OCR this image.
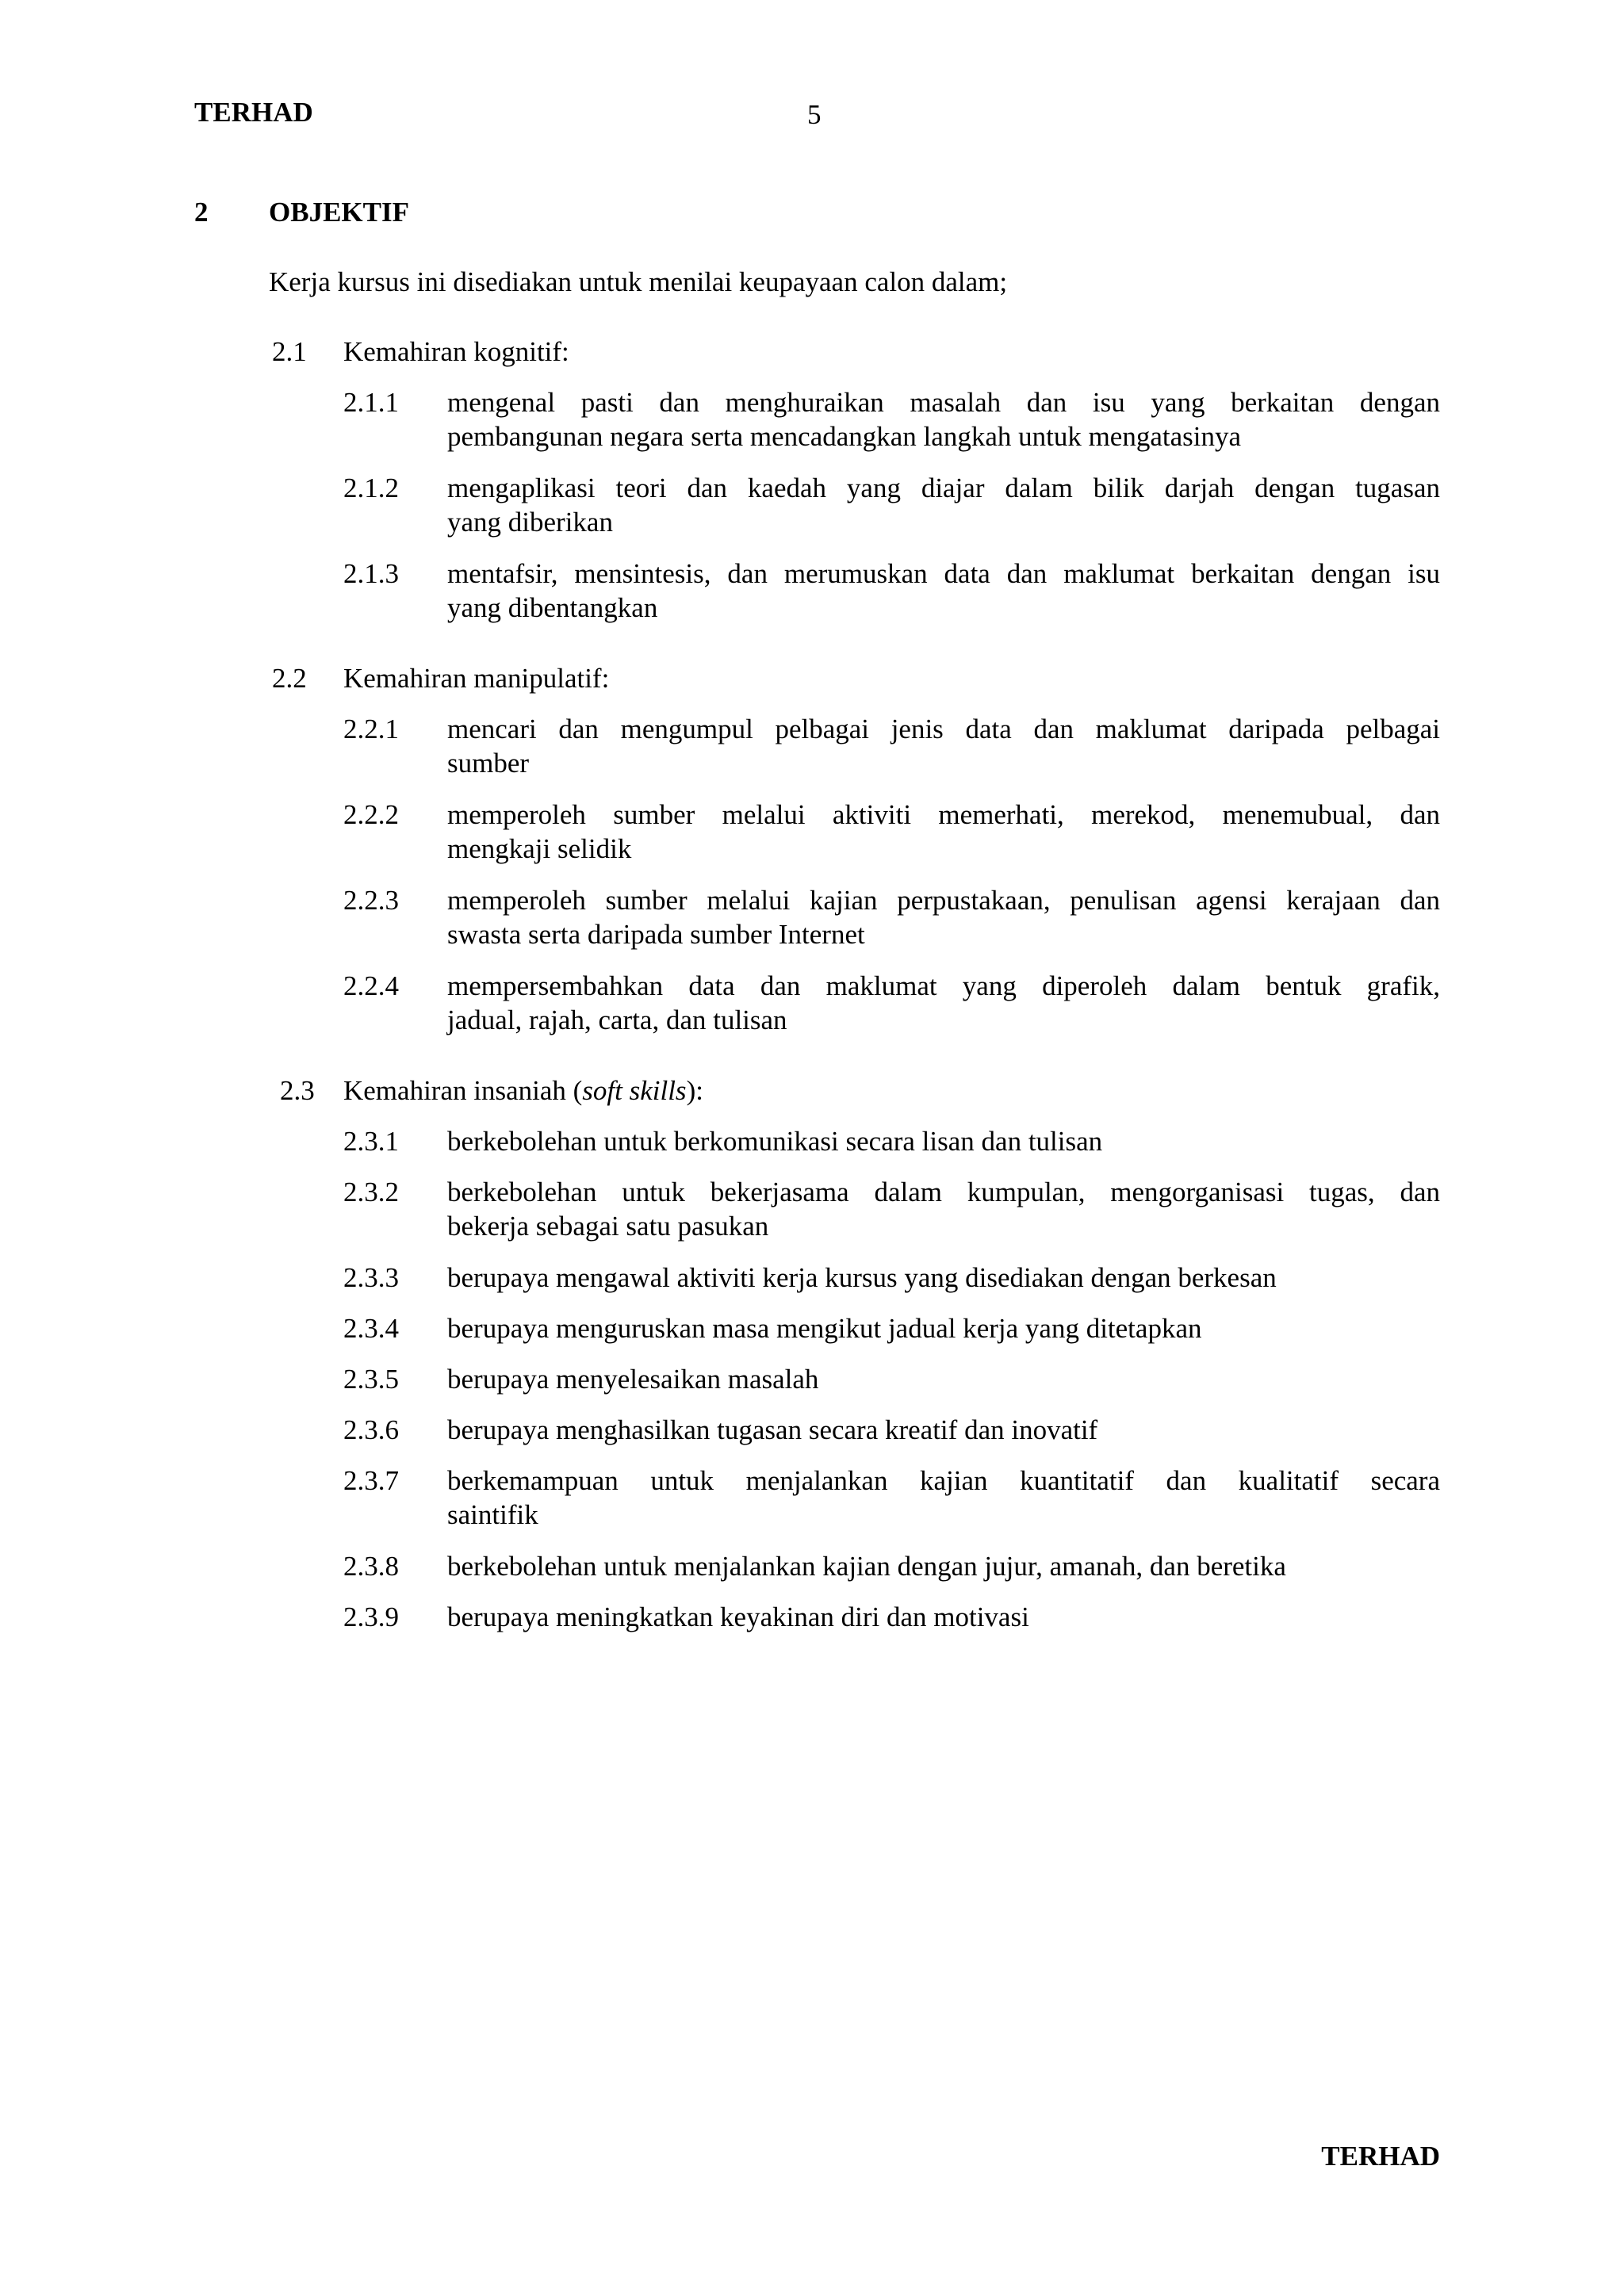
TERHAD	5

2 OBJEKTIF

Kerja kursus ini disediakan untuk menilai keupayaan calon dalam;

2.1 Kemahiran kognitif:

2.1.1 mengenal pasti dan menghuraikan masalah dan isu yang berkaitan dengan
pembangunan negara serta mencadangkan langkah untuk mengatasinya

2.1.2 mengaplikasi teori dan kaedah yang diajar dalam bilik darjah dengan tugasan
yang diberikan

2.1.3 mentafsir, mensintesis, dan merumuskan data dan maklumat berkaitan dengan isu
yang dibentangkan

2.2 Kemahiran manipulatif:

2.2.1 mencari dan mengumpul pelbagai jenis data dan maklumat daripada pelbagai
sumber

2.2.2 memperoleh sumber melalui aktiviti memerhati, merekod, menemubual, dan
mengkaji selidik

2.2.3 memperoleh sumber melalui kajian perpustakaan, penulisan agensi kerajaan dan
swasta serta daripada sumber Internet

2.2.4 mempersembahkan data dan maklumat yang diperoleh dalam bentuk grafik,
jadual, rajah, carta, dan tulisan

2.3 Kemahiran insaniah (soft skills):

2.3.1 berkebolehan untuk berkomunikasi secara lisan dan tulisan

2.3.2 berkebolehan untuk bekerjasama dalam kumpulan, mengorganisasi tugas, dan
bekerja sebagai satu pasukan

2.3.3 berupaya mengawal aktiviti kerja kursus yang disediakan dengan berkesan

2.3.4 berupaya menguruskan masa mengikut jadual kerja yang ditetapkan

2.3.5 berupaya menyelesaikan masalah

2.3.6 berupaya menghasilkan tugasan secara kreatif dan inovatif

2.3.7 berkemampuan untuk menjalankan kajian kuantitatif dan kualitatif secara
saintifik

2.3.8 berkebolehan untuk menjalankan kajian dengan jujur, amanah, dan beretika

2.3.9 berupaya meningkatkan keyakinan diri dan motivasi

TERHAD
